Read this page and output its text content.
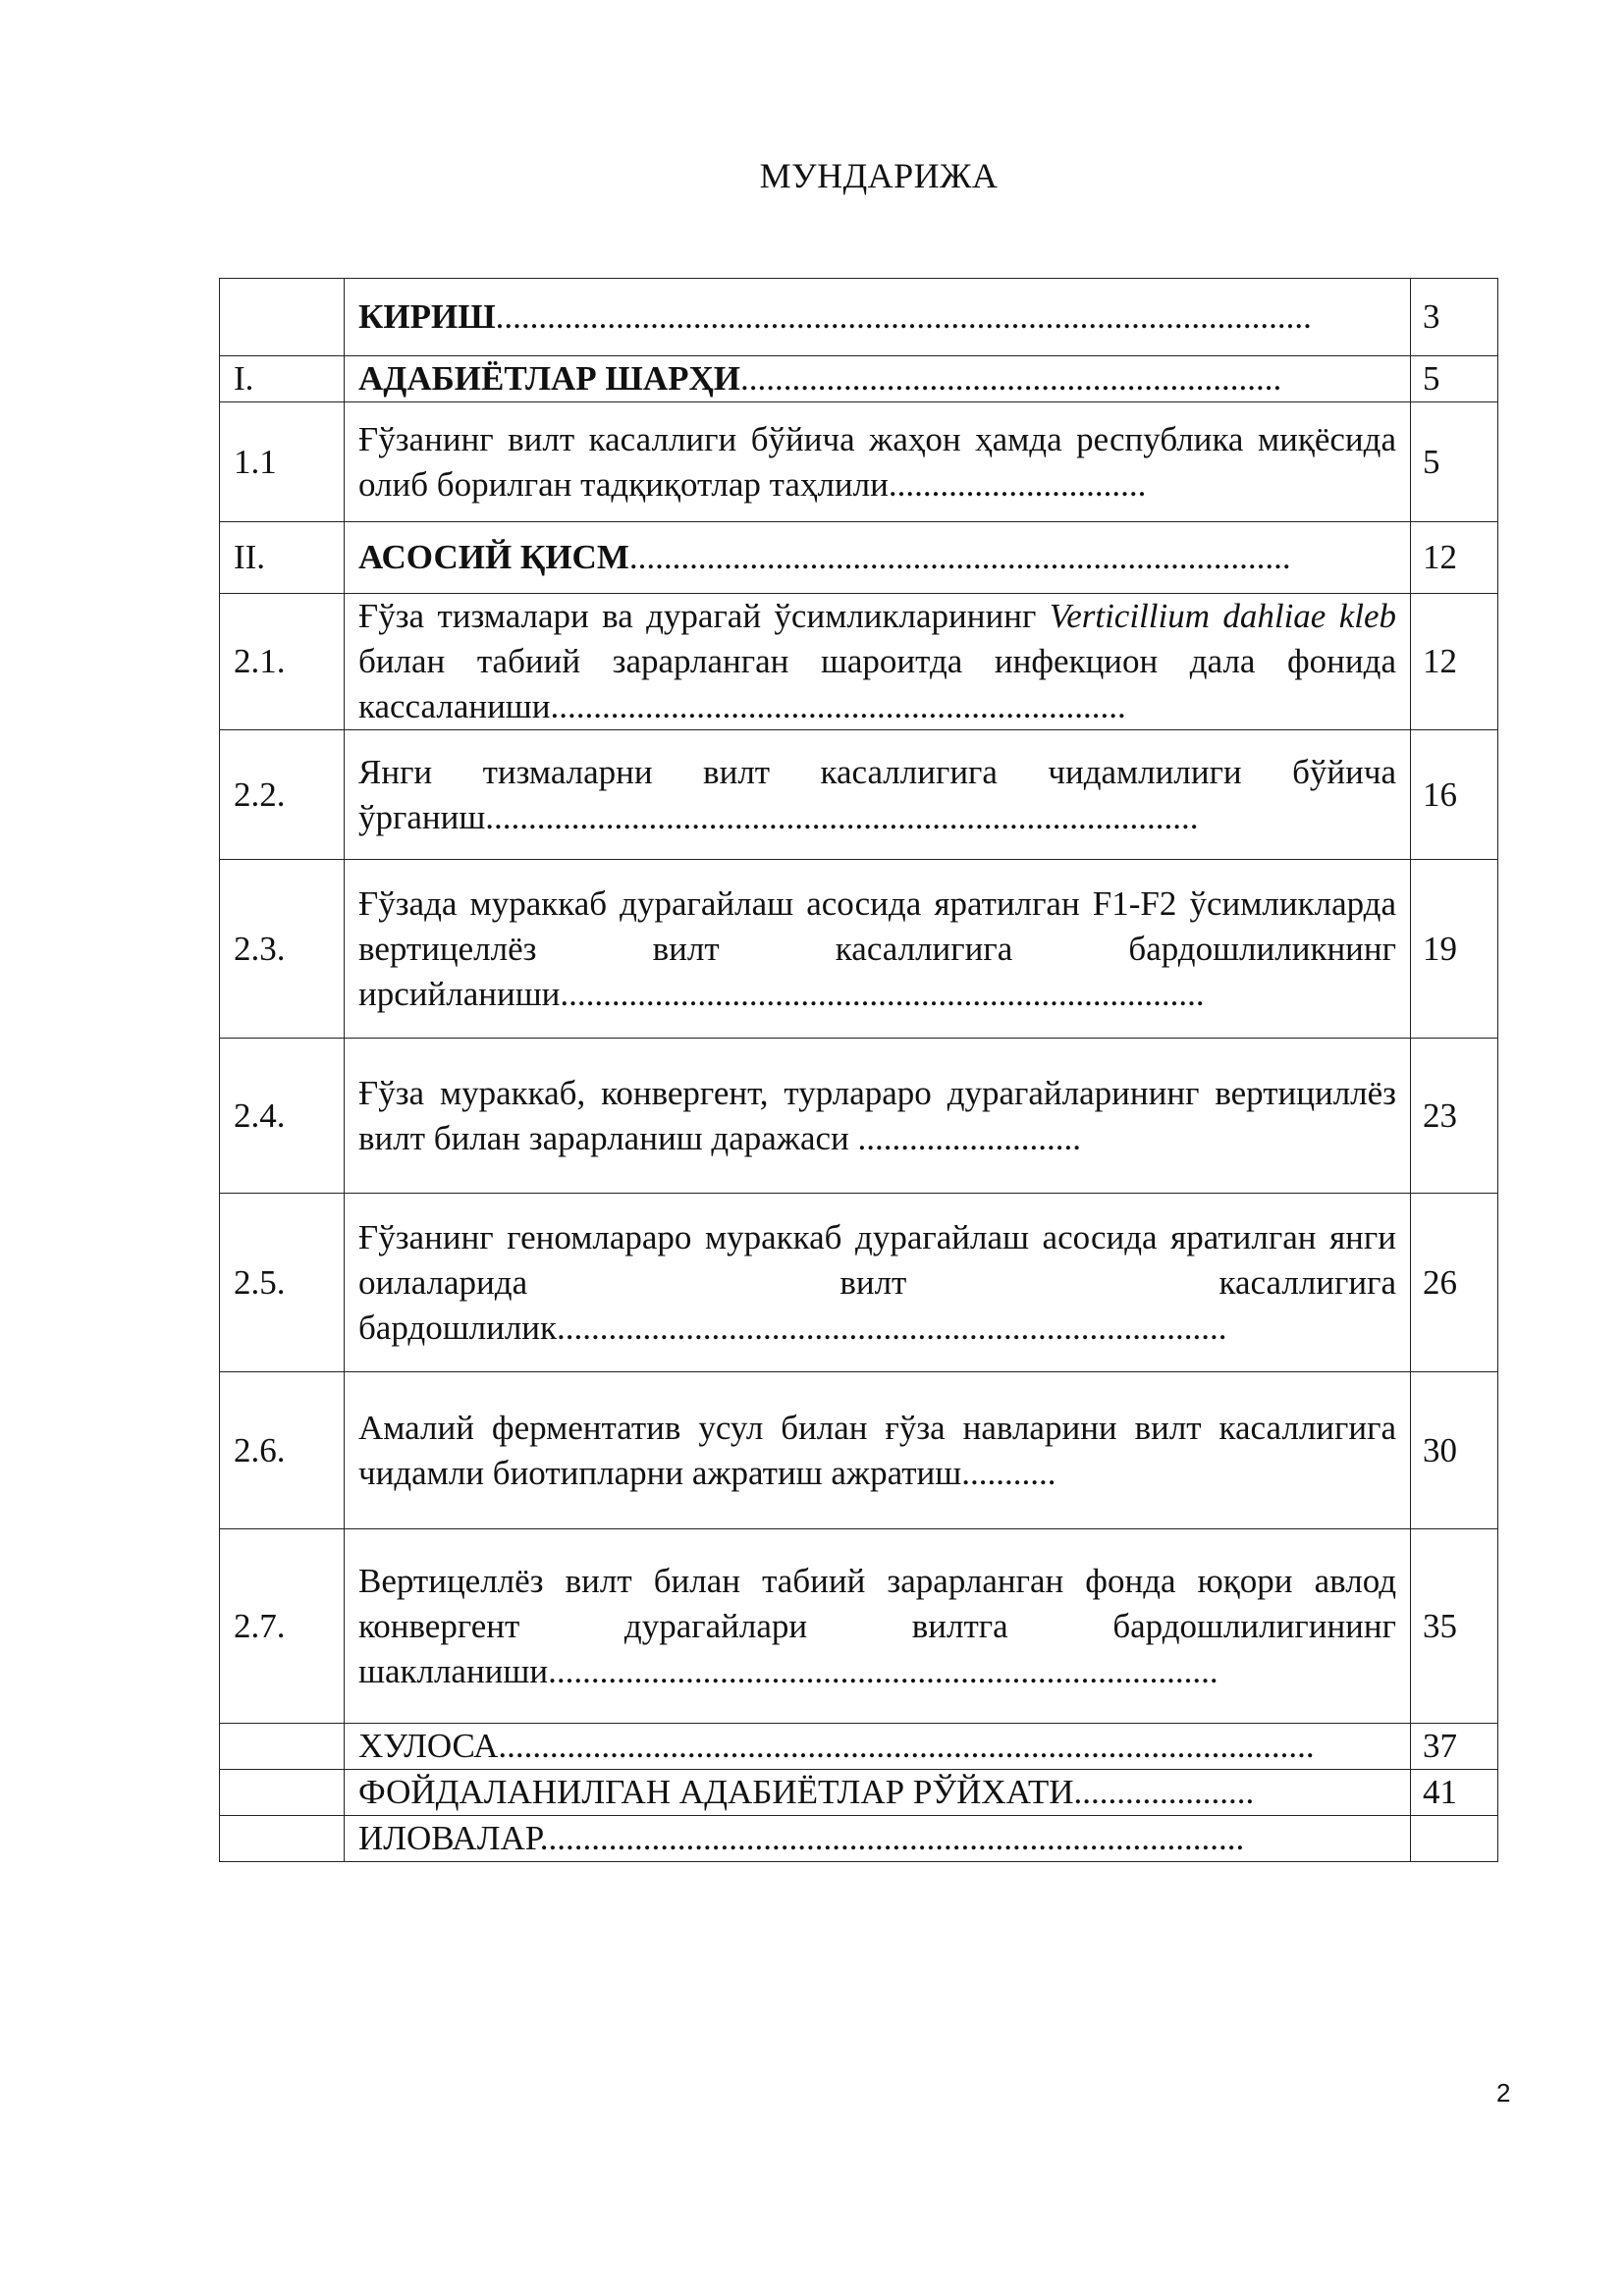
МУНДАРИЖА
	КИРИШ...............................................................................................	3
I.	АДАБИЁТЛАР ШАРҲИ...............................................................	5
1.1	Ғўзанинг вилт касаллиги бўйича жаҳон ҳамда республика миқёсида олиб борилган тадқиқотлар таҳлили..............................	5
II.	АСОСИЙ ҚИСМ.............................................................................	12
2.1.	Ғўза тизмалари ва дурагай ўсимликларининг Verticillium dahliae kleb билан табиий зарарланган шароитда инфекцион дала фонида кассаланиши...................................................................	12
2.2.	Янги тизмаларни вилт касаллигига чидамлилиги бўйича ўрганиш...................................................................................	16
2.3.	Ғўзада мураккаб дурагайлаш асосида яратилган F1-F2 ўсимликларда вертицеллёз вилт касаллигига бардошлиликнинг ирсийланиши...........................................................................	19
2.4.	Ғўза мураккаб, конвергент, турлараро дурагайларининг вертициллёз вилт билан зарарланиш даражаси ..........................	23
2.5.	Ғўзанинг геномлараро мураккаб дурагайлаш асосида яратилган янги оилаларида вилт касаллигига бардошлилик..............................................................................	26
2.6.	Амалий ферментатив усул билан ғўза навларини вилт касаллигига чидамли биотипларни ажратиш ажратиш...........	30
2.7.	Вертицеллёз вилт билан табиий зарарланган фонда юқори авлод конвергент дурагайлари вилтга бардошлилигининг шаклланиши..............................................................................	35
	ХУЛОСА...............................................................................................	37
	ФОЙДАЛАНИЛГАН АДАБИЁТЛАР РЎЙХАТИ.....................	41
	ИЛОВАЛАР..................................................................................	
2
